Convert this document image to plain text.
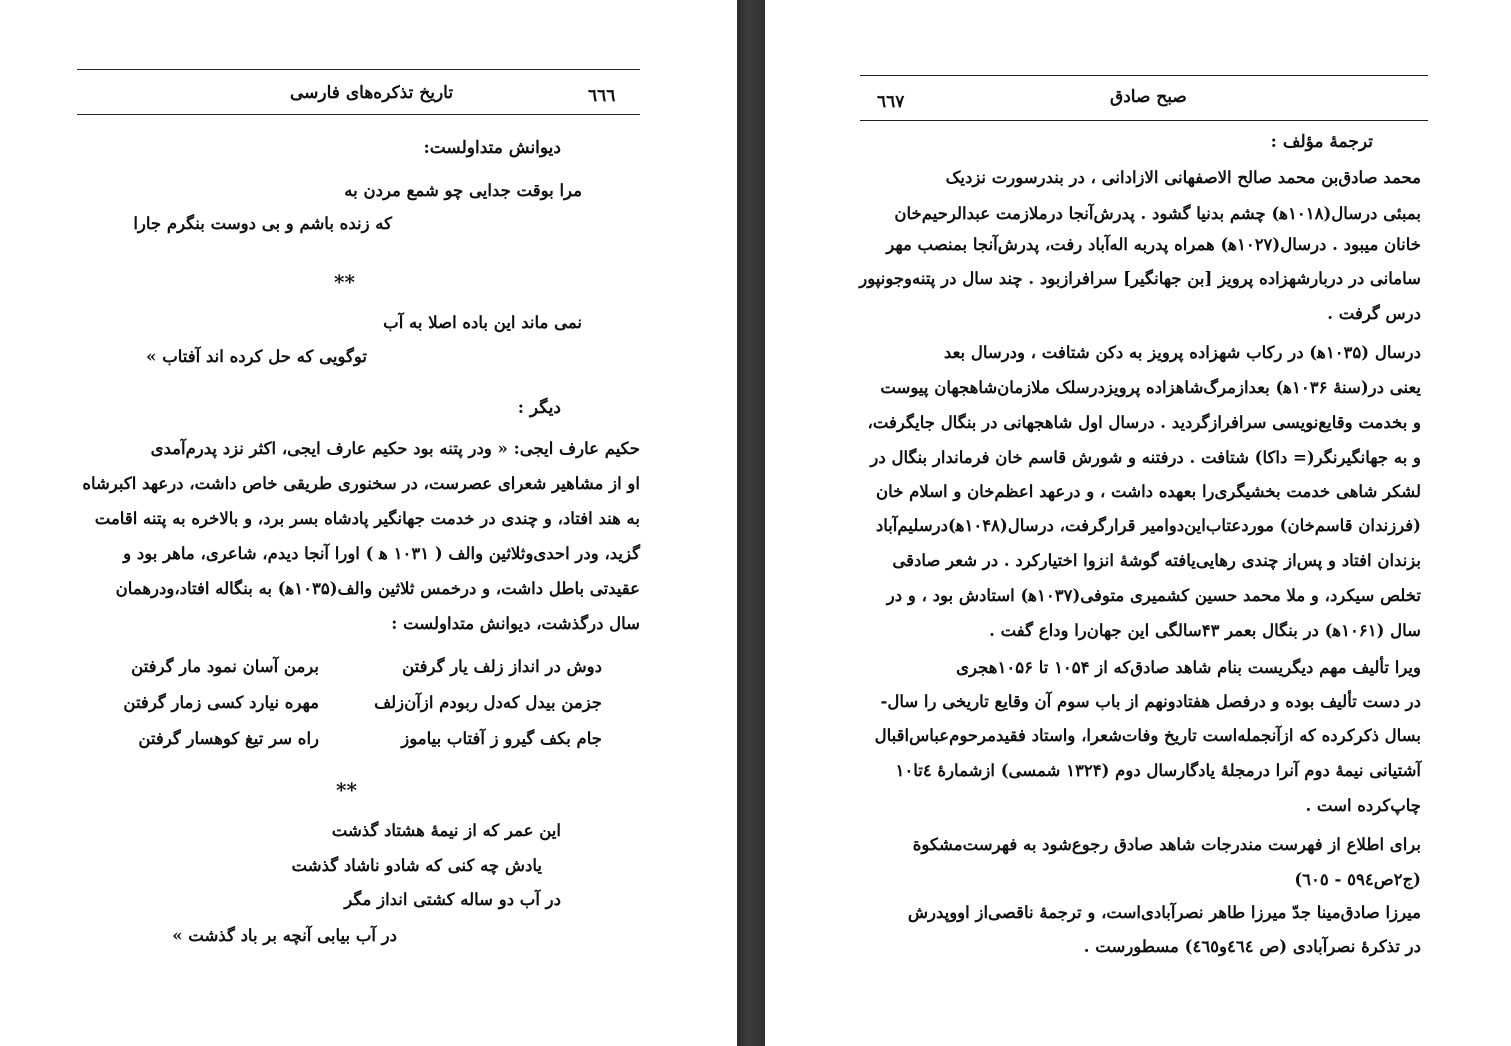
٦٦٦
تاریخ تذکره‌های فارسی
دیوانش متداولست:
مرا بوقت جدایی چو شمع مردن به
که زنده باشم و بی دوست بنگرم جارا
**
نمی ماند این باده اصلا به آب
توگویی که حل کرده اند آفتاب »
دیگر :
حکیم عارف ایجی: « ودر پتنه بود حکیم عارف ایجی، اکثر نزد پدرم‌آمدی
او از مشاهیر شعرای عصرست، در سخنوری طریقی خاص داشت، درعهد اکبرشاه
به هند افتاد، و چندی در خدمت جهانگیر پادشاه بسر برد، و بالاخره به پتنه اقامت
گزید، ودر احدی‌وثلاثین والف ( ۱۰۳۱ ﻫ ) اورا آنجا دیدم، شاعری، ماهر بود و
عقیدتی باطل داشت، و درخمس ثلاثین والف(۱۰۳۵ﻫ) به بنگاله افتاد،ودرهمان
سال درگذشت، دیوانش متداولست :
دوش در انداز زلف یار گرفتن
برمن آسان نمود مار گرفتن
جزمن بیدل کەدل ربودم ازآن‌زلف
مهره نیارد کسی زمار گرفتن
جام بکف گیرو ز آفتاب بیاموز
راه سر تیغ کوهسار گرفتن
**
این عمر که از نیمهٔ هشتاد گذشت
یادش چه کنی که شادو ناشاد گذشت
در آب دو ساله کشتی انداز مگر
در آب بیابی آنچه بر باد گذشت »
٦٦٧	صبح صادق
ترجمهٔ مؤلف :
محمد صادق‌بن محمد صالح الاصفهانی الازادانی ، در بندرسورت نزدیک
بمبئی درسال(۱۰۱۸ﻫ) چشم بدنیا گشود . پدرش‌آنجا درملازمت عبدالرحیم‌خان
خانان میبود . درسال(۱۰۲۷ﻫ) همراه پدربه الەآباد رفت، پدرش‌آنجا بمنصب مهر
سامانی در دربارشهزاده پرویز [بن جهانگیر] سرافرازبود . چند سال در پتنه‌وجونپور
درس گرفت .
درسال (۱۰۳۵ﻫ) در رکاب شهزاده پرویز به دکن شتافت ، ودرسال بعد
یعنی در(سنهٔ ۱۰۳۶ﻫ) بعدازمرگ‌شاهزاده پرویزدرسلک ملازمان‌شاهجهان پیوست
و بخدمت وقایع‌نویسی سرافرازگردید . درسال اول شاهجهانی در بنگال جایگرفت،
و به جهانگیرنگر(= داکا) شتافت . درفتنه و شورش قاسم خان فرماندار بنگال در
لشکر شاهی خدمت بخشیگری‌را بعهده داشت ، و درعهد اعظم‌خان و اسلام خان
(فرزندان قاسم‌خان) موردعتاب‌این‌دوامیر قرارگرفت، درسال(۱۰۴۸ﻫ)درسلیم‌آباد
بزندان افتاد و پس‌از چندی رهایی‌یافته گوشهٔ انزوا اختیارکرد . در شعر صادقی
تخلص سیکرد، و ملا محمد حسین کشمیری متوفی(۱۰۳۷ﻫ) استادش بود ، و در
سال (۱۰۶۱ﻫ) در بنگال بعمر ۴۳سالگی این جهان‌را وداع گفت .
ویرا تألیف مهم دیگریست بنام شاهد صادق‌که از ۱۰۵۴ تا ۱۰۵۶هجری
در دست تألیف بوده و درفصل هفتادونهم از باب سوم آن وقایع تاریخی را سال-
بسال ذکرکرده که ازآنجمله‌است تاریخ وفات‌شعرا، واستاد فقیدمرحوم‌عباس‌اقبال
آشتیانی نیمهٔ دوم آنرا درمجلهٔ یادگارسال دوم (۱۳۲۴ شمسی) ازشمارهٔ ٤تا۱۰
چاپ‌کرده است .
برای اطلاع از فهرست مندرجات شاهد صادق رجوع‌شود به فهرست‌مشکوة
(ج۲ص٥٩٤ - ٦٠٥)
میرزا صادق‌مینا جدّ میرزا طاهر نصرآبادی‌است، و ترجمهٔ ناقصی‌از اووپدرش
در تذکرهٔ نصرآبادی (ص ٤٦٤و٤٦٥) مسطورست .
